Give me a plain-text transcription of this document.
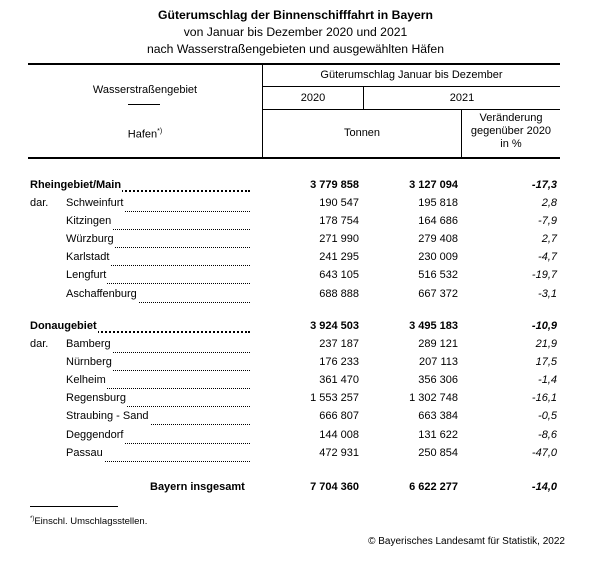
Güterumschlag der Binnenschifffahrt in Bayern
von Januar bis Dezember 2020 und 2021
nach Wasserstraßengebieten und ausgewählten Häfen
Wasserstraßengebiet
Hafen*)
Güterumschlag Januar bis Dezember
2020	2021
Tonnen
Veränderung
gegenüber 2020
in %
Rheingebiet/Main	3 779 858	3 127 094	-17,3
dar. Schweinfurt	190 547	195 818	2,8
Kitzingen	178 754	164 686	-7,9
Würzburg	271 990	279 408	2,7
Karlstadt	241 295	230 009	-4,7
Lengfurt	643 105	516 532	-19,7
Aschaffenburg	688 888	667 372	-3,1
Donaugebiet	3 924 503	3 495 183	-10,9
dar. Bamberg	237 187	289 121	21,9
Nürnberg	176 233	207 113	17,5
Kelheim	361 470	356 306	-1,4
Regensburg	1 553 257	1 302 748	-16,1
Straubing - Sand	666 807	663 384	-0,5
Deggendorf	144 008	131 622	-8,6
Passau	472 931	250 854	-47,0
Bayern insgesamt	7 704 360	6 622 277	-14,0
*)Einschl. Umschlagsstellen.
© Bayerisches Landesamt für Statistik, 2022
